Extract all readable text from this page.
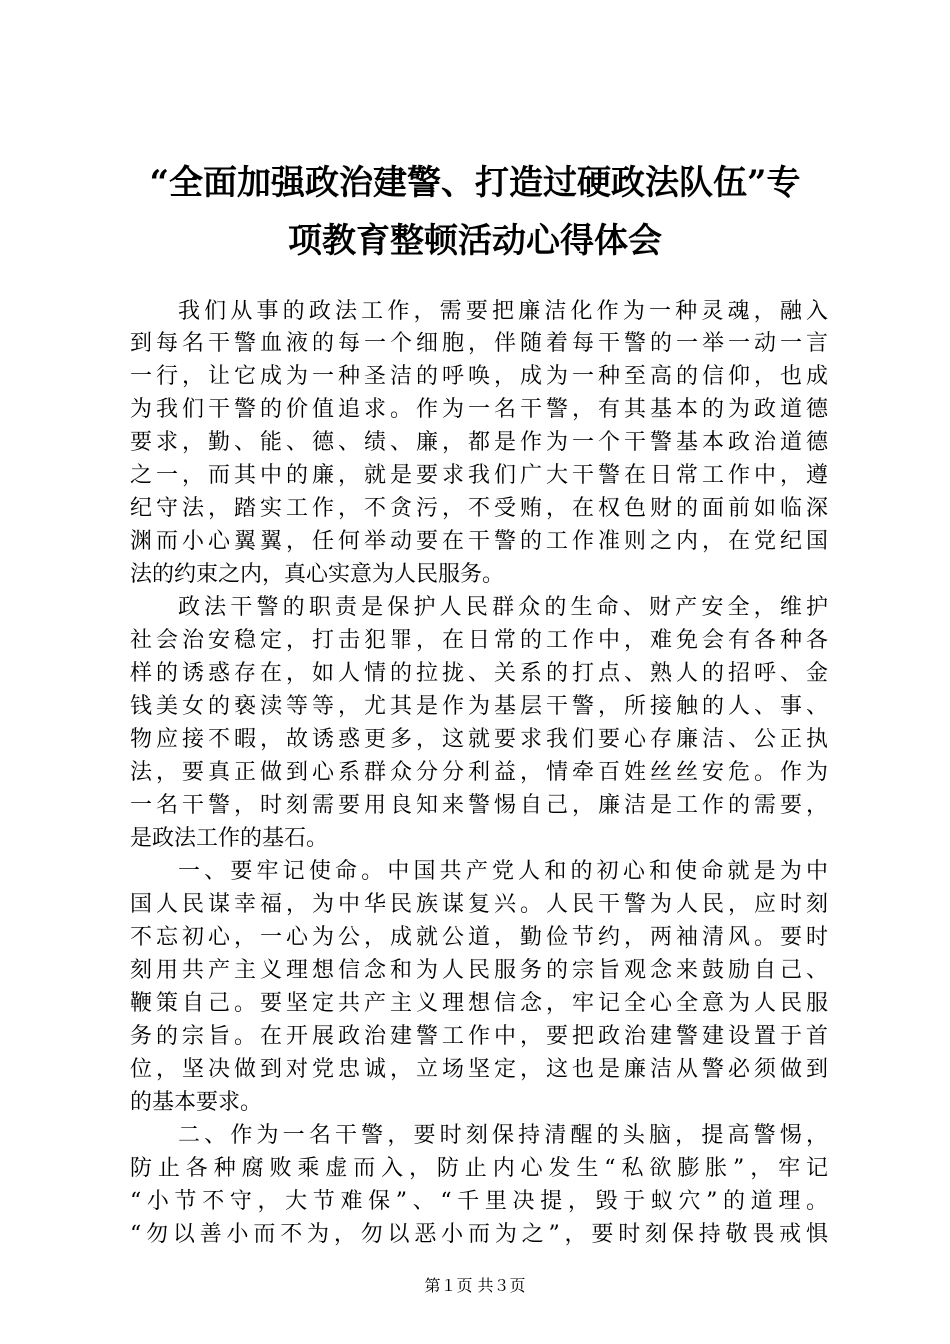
“全面加强政治建警、打造过硬政法队伍”专
项教育整顿活动心得体会
我们从事的政法工作，需要把廉洁化作为一种灵魂，融入
到每名干警血液的每一个细胞，伴随着每干警的一举一动一言
一行，让它成为一种圣洁的呼唤，成为一种至高的信仰，也成
为我们干警的价值追求。作为一名干警，有其基本的为政道德
要求，勤、能、德、绩、廉，都是作为一个干警基本政治道德
之一，而其中的廉，就是要求我们广大干警在日常工作中，遵
纪守法，踏实工作，不贪污，不受贿，在权色财的面前如临深
渊而小心翼翼，任何举动要在干警的工作准则之内，在党纪国
法的约束之内，真心实意为人民服务。
政法干警的职责是保护人民群众的生命、财产安全，维护
社会治安稳定，打击犯罪，在日常的工作中，难免会有各种各
样的诱惑存在，如人情的拉拢、关系的打点、熟人的招呼、金
钱美女的亵渎等等，尤其是作为基层干警，所接触的人、事、
物应接不暇，故诱惑更多，这就要求我们要心存廉洁、公正执
法，要真正做到心系群众分分利益，情牵百姓丝丝安危。作为
一名干警，时刻需要用良知来警惕自己，廉洁是工作的需要，
是政法工作的基石。
一、要牢记使命。中国共产党人和的初心和使命就是为中
国人民谋幸福，为中华民族谋复兴。人民干警为人民，应时刻
不忘初心，一心为公，成就公道，勤俭节约，两袖清风。要时
刻用共产主义理想信念和为人民服务的宗旨观念来鼓励自己、
鞭策自己。要坚定共产主义理想信念，牢记全心全意为人民服
务的宗旨。在开展政治建警工作中，要把政治建警建设置于首
位，坚决做到对党忠诚，立场坚定，这也是廉洁从警必须做到
的基本要求。
二、作为一名干警，要时刻保持清醒的头脑，提高警惕，
防止各种腐败乘虚而入，防止内心发生“私欲膨胀”，牢记
“小节不守，大节难保”、“千里决提，毁于蚁穴”的道理。
“勿以善小而不为，勿以恶小而为之”，要时刻保持敬畏戒惧
第１页 共３页
